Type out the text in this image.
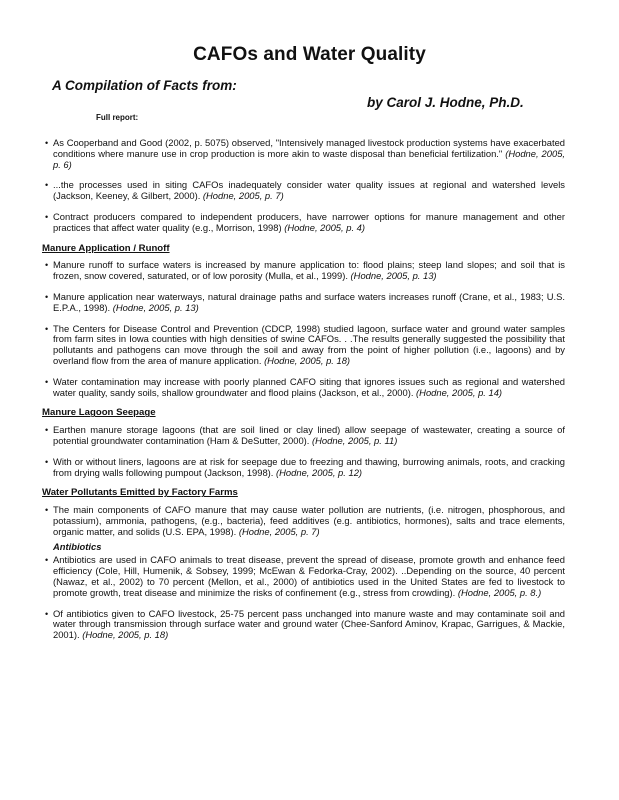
CAFOs and Water Quality
A Compilation of Facts from:
by Carol J. Hodne, Ph.D.
Full report:
• As Cooperband and Good (2002, p. 5075) observed, "Intensively managed livestock production systems have exacerbated conditions where manure use in crop production is more akin to waste disposal than beneficial fertilization." (Hodne, 2005, p. 6)
• ...the processes used in siting CAFOs inadequately consider water quality issues at regional and watershed levels (Jackson, Keeney, & Gilbert, 2000). (Hodne, 2005, p. 7)
• Contract producers compared to independent producers, have narrower options for manure management and other practices that affect water quality (e.g., Morrison, 1998) (Hodne, 2005, p. 4)
Manure Application / Runoff
• Manure runoff to surface waters is increased by manure application to: flood plains; steep land slopes; and soil that is frozen, snow covered, saturated, or of low porosity (Mulla, et al., 1999). (Hodne, 2005, p. 13)
• Manure application near waterways, natural drainage paths and surface waters increases runoff (Crane, et al., 1983; U.S. E.P.A., 1998). (Hodne, 2005, p. 13)
• The Centers for Disease Control and Prevention (CDCP, 1998) studied lagoon, surface water and ground water samples from farm sites in Iowa counties with high densities of swine CAFOs. . .The results generally suggested the possibility that pollutants and pathogens can move through the soil and away from the point of higher pollution (i.e., lagoons) and by overland flow from the area of manure application. (Hodne, 2005, p. 18)
• Water contamination may increase with poorly planned CAFO siting that ignores issues such as regional and watershed water quality, sandy soils, shallow groundwater and flood plains (Jackson, et al., 2000). (Hodne, 2005, p. 14)
Manure Lagoon Seepage
• Earthen manure storage lagoons (that are soil lined or clay lined) allow seepage of wastewater, creating a source of potential groundwater contamination (Ham & DeSutter, 2000). (Hodne, 2005, p. 11)
• With or without liners, lagoons are at risk for seepage due to freezing and thawing, burrowing animals, roots, and cracking from drying walls following pumpout (Jackson, 1998). (Hodne, 2005, p. 12)
Water Pollutants Emitted by Factory Farms
• The main components of CAFO manure that may cause water pollution are nutrients, (i.e. nitrogen, phosphorous, and potassium), ammonia, pathogens, (e.g., bacteria), feed additives (e.g. antibiotics, hormones), salts and trace elements, organic matter, and solids (U.S. EPA, 1998). (Hodne, 2005, p. 7)
Antibiotics
• Antibiotics are used in CAFO animals to treat disease, prevent the spread of disease, promote growth and enhance feed efficiency (Cole, Hill, Humenik, & Sobsey, 1999; McEwan & Fedorka-Cray, 2002). ..Depending on the source, 40 percent (Nawaz, et al., 2002) to 70 percent (Mellon, et al., 2000) of antibiotics used in the United States are fed to livestock to promote growth, treat disease and minimize the risks of confinement (e.g., stress from crowding). (Hodne, 2005, p. 8.)
• Of antibiotics given to CAFO livestock, 25-75 percent pass unchanged into manure waste and may contaminate soil and water through transmission through surface water and ground water (Chee-Sanford Aminov, Krapac, Garrigues, & Mackie, 2001). (Hodne, 2005, p. 18)
